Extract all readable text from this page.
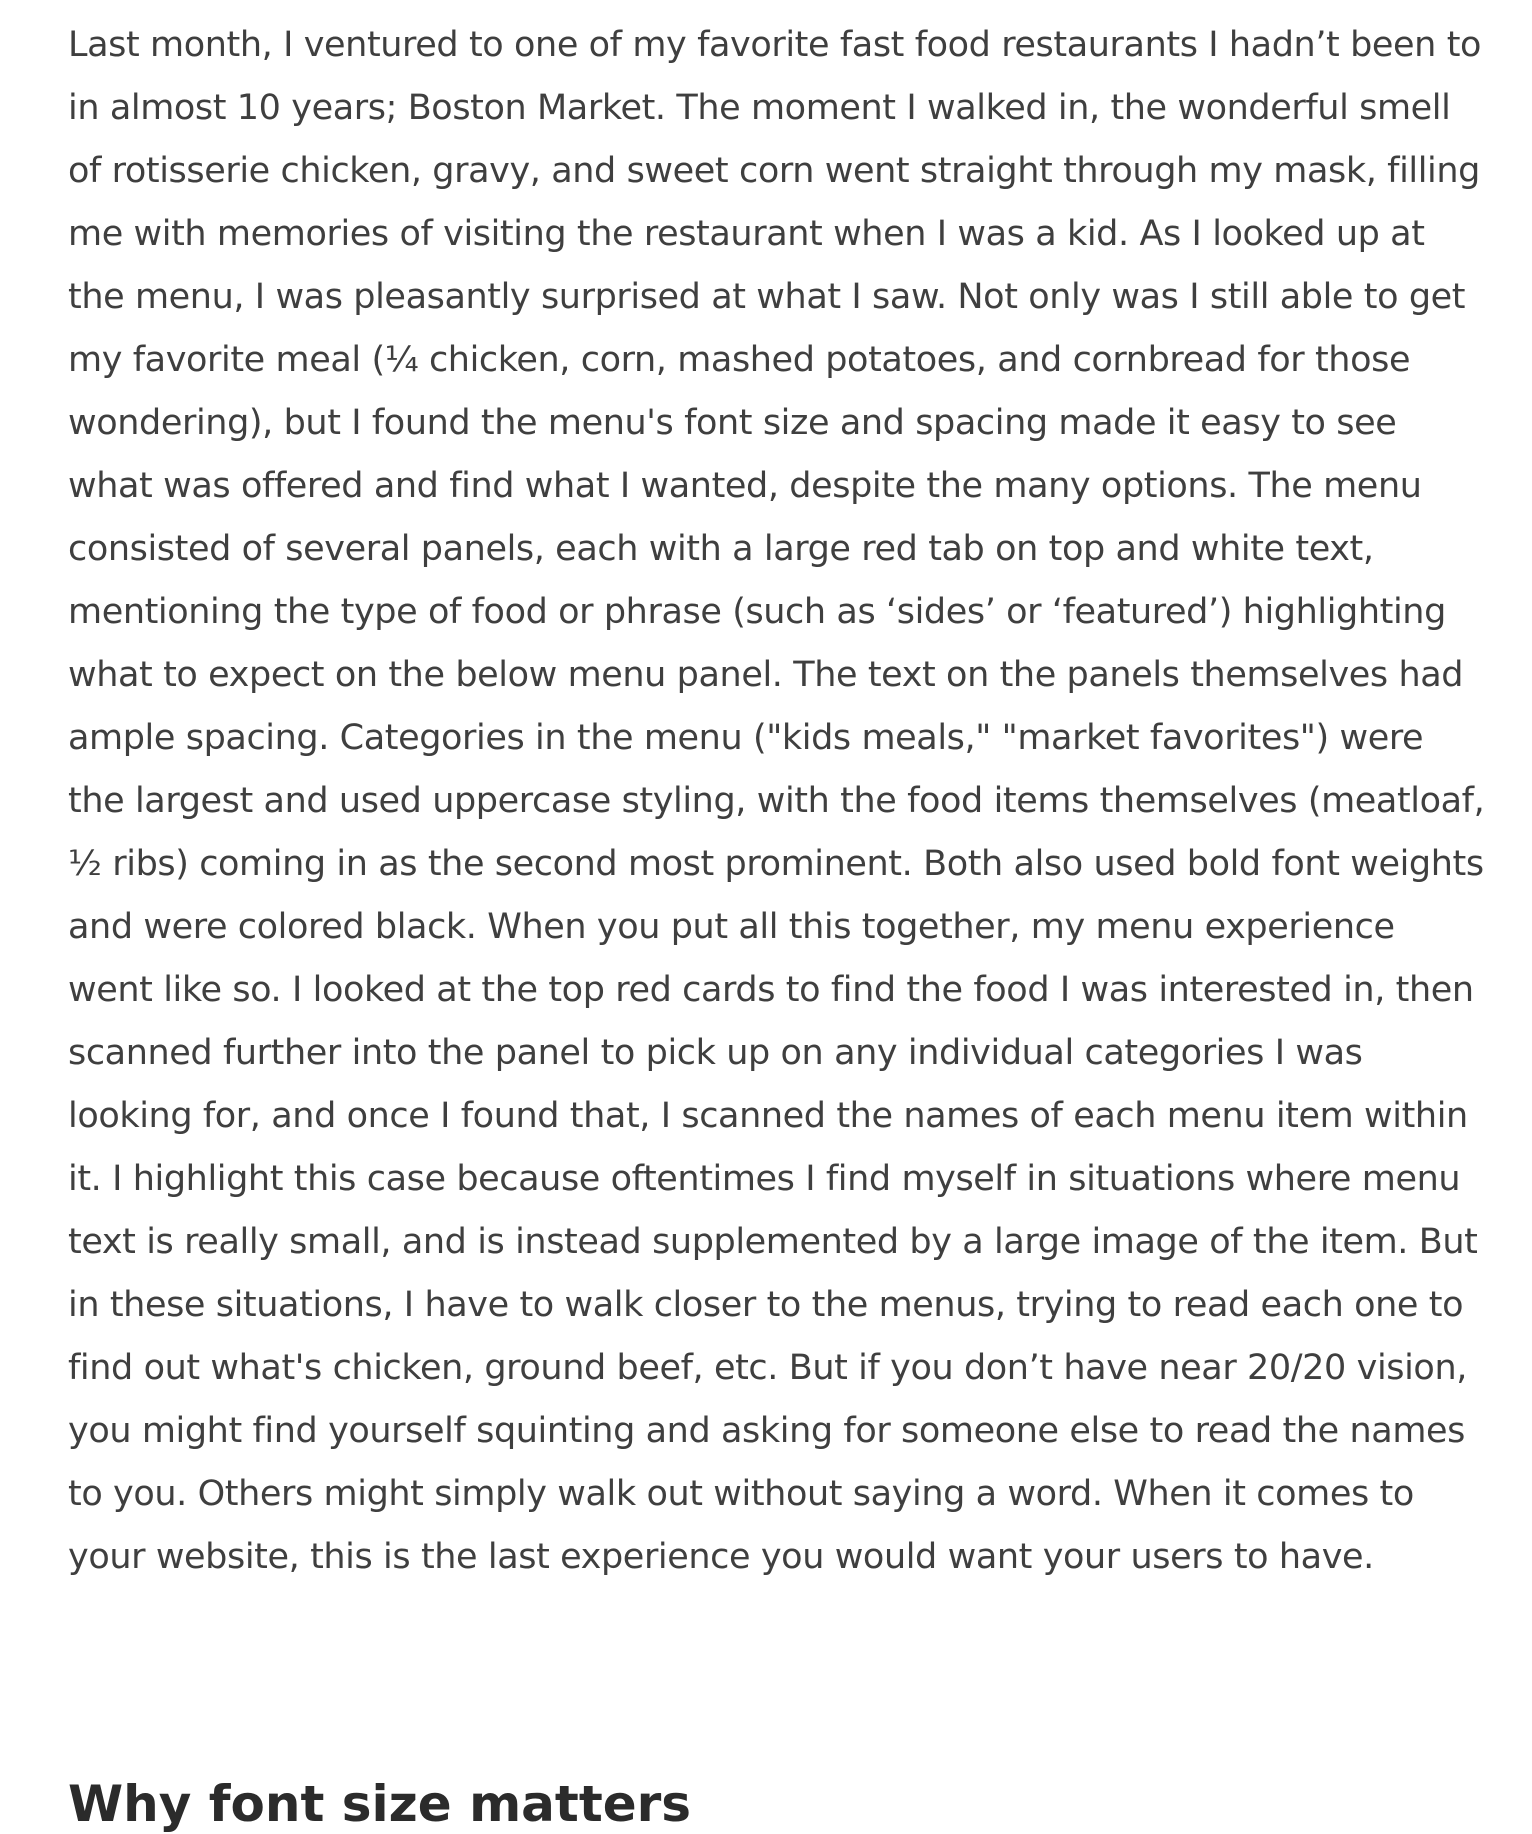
Last month, I ventured to one of my favorite fast food restaurants I hadn’t been to in almost 10 years; Boston Market. The moment I walked in, the wonderful smell of rotisserie chicken, gravy, and sweet corn went straight through my mask, filling me with memories of visiting the restaurant when I was a kid. As I looked up at the menu, I was pleasantly surprised at what I saw. Not only was I still able to get my favorite meal (¼ chicken, corn, mashed potatoes, and cornbread for those wondering), but I found the menu's font size and spacing made it easy to see what was offered and find what I wanted, despite the many options. The menu consisted of several panels, each with a large red tab on top and white text, mentioning the type of food or phrase (such as ‘sides’ or ‘featured’) highlighting what to expect on the below menu panel. The text on the panels themselves had ample spacing. Categories in the menu ("kids meals," "market favorites") were the largest and used uppercase styling, with the food items themselves (meatloaf, ½ ribs) coming in as the second most prominent. Both also used bold font weights and were colored black. When you put all this together, my menu experience went like so. I looked at the top red cards to find the food I was interested in, then scanned further into the panel to pick up on any individual categories I was looking for, and once I found that, I scanned the names of each menu item within it. I highlight this case because oftentimes I find myself in situations where menu text is really small, and is instead supplemented by a large image of the item. But in these situations, I have to walk closer to the menus, trying to read each one to find out what's chicken, ground beef, etc. But if you don’t have near 20/20 vision, you might find yourself squinting and asking for someone else to read the names to you. Others might simply walk out without saying a word. When it comes to your website, this is the last experience you would want your users to have.

Why font size matters
